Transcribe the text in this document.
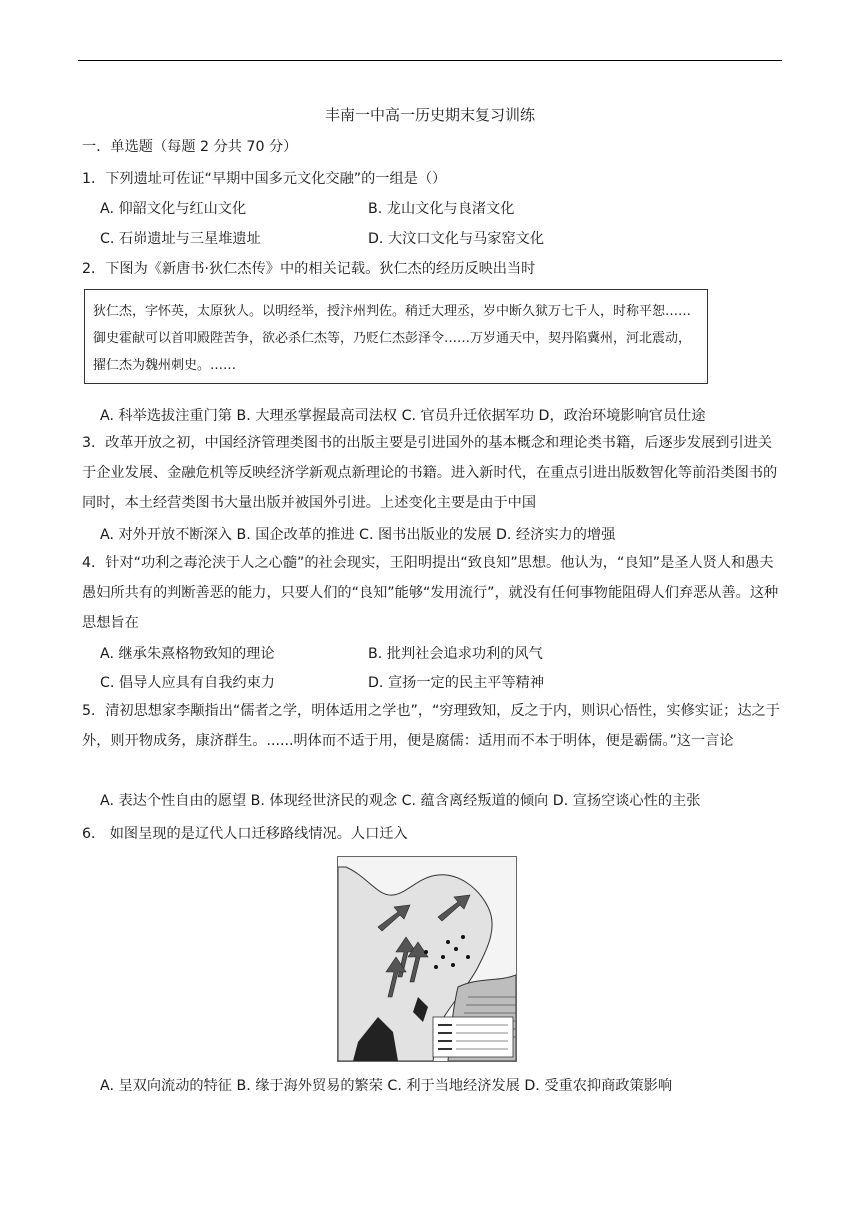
丰南一中高一历史期末复习训练
一．单选题（每题 2 分共 70 分）
1．下列遗址可佐证“早期中国多元文化交融”的一组是（）
A. 仰韶文化与红山文化	B. 龙山文化与良渚文化
C. 石峁遗址与三星堆遗址	D. 大汶口文化与马家窑文化
2．下图为《新唐书·狄仁杰传》中的相关记载。狄仁杰的经历反映出当时
狄仁杰，字怀英，太原狄人。以明经举，授汴州判佐。稍迁大理丞，岁中断久狱万七千人，时称平恕……御史霍献可以首叩殿陛苦争，欲必杀仁杰等，乃贬仁杰彭泽令……万岁通天中，契丹陷冀州，河北震动，擢仁杰为魏州刺史。……
A. 科举选拔注重门第 B. 大理丞掌握最高司法权 C. 官员升迁依据军功 D，政治环境影响官员仕途
3．改革开放之初，中国经济管理类图书的出版主要是引进国外的基本概念和理论类书籍，后逐步发展到引进关于企业发展、金融危机等反映经济学新观点新理论的书籍。进入新时代，在重点引进出版数智化等前沿类图书的同时，本土经营类图书大量出版并被国外引进。上述变化主要是由于中国
A. 对外开放不断深入 B. 国企改革的推进 C. 图书出版业的发展 D. 经济实力的增强
4．针对“功利之毒沦浃于人之心髓”的社会现实，王阳明提出“致良知”思想。他认为，“良知”是圣人贤人和愚夫愚妇所共有的判断善恶的能力，只要人们的“良知”能够“发用流行”，就没有任何事物能阻碍人们弃恶从善。这种思想旨在
A. 继承朱熹格物致知的理论	B. 批判社会追求功利的风气
C. 倡导人应具有自我约束力	D. 宣扬一定的民主平等精神
5．清初思想家李颙指出“儒者之学，明体适用之学也”，“穷理致知，反之于内，则识心悟性，实修实证；达之于外，则开物成务，康济群生。......明体而不适于用，便是腐儒：适用而不本于明体，便是霸儒。”这一言论
A. 表达个性自由的愿望 B. 体现经世济民的观念 C. 蕴含离经叛道的倾向 D. 宣扬空谈心性的主张
6． 如图呈现的是辽代人口迁移路线情况。人口迁入
A. 呈双向流动的特征 B. 缘于海外贸易的繁荣 C. 利于当地经济发展 D. 受重农抑商政策影响
